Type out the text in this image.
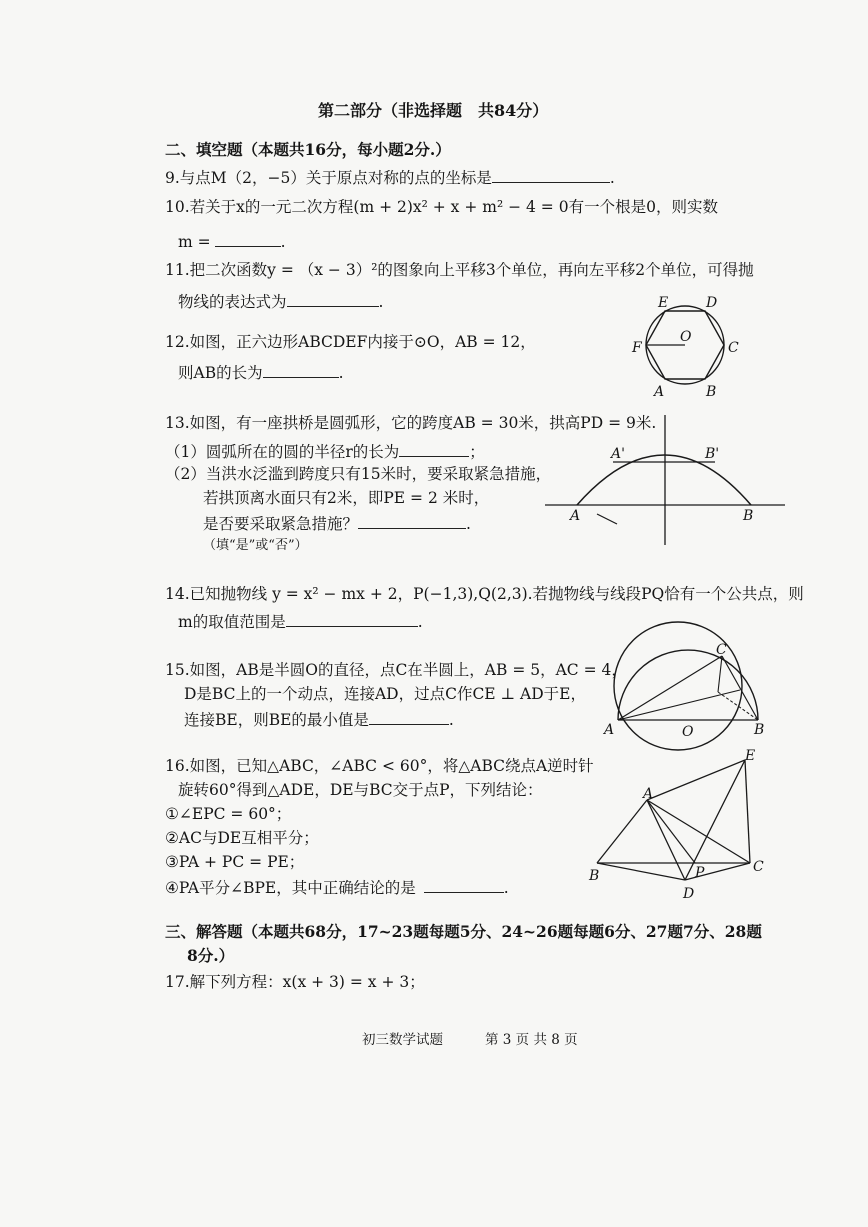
第二部分（非选择题　共84分）
二、填空题（本题共16分，每小题2分.）
9.与点M（2，−5）关于原点对称的点的坐标是	.
10.若关于x的一元二次方程(m + 2)x² + x + m² − 4 = 0有一个根是0，则实数
m =	.
11.把二次函数y = （x − 3）²的图象向上平移3个单位，再向左平移2个单位，可得抛
物线的表达式为	.
12.如图，正六边形ABCDEF内接于⊙O，AB = 12，
则AB的长为	.
E	D
F
O
C
A	B
13.如图，有一座拱桥是圆弧形，它的跨度AB = 30米，拱高PD = 9米.
（1）圆弧所在的圆的半径r的长为	；
（2）当洪水泛滥到跨度只有15米时，要采取紧急措施，
若拱顶离水面只有2米，即PE = 2 米时，
是否要采取紧急措施？	.
（填“是”或“否”）
A	B
A'	B'
14.已知抛物线 y = x² − mx + 2，P(−1,3),Q(2,3).若抛物线与线段PQ恰有一个公共点，则
m的取值范围是	.
15.如图，AB是半圆O的直径，点C在半圆上，AB = 5，AC = 4，
D是BC上的一个动点，连接AD，过点C作CE ⊥ AD于E，
连接BE，则BE的最小值是	.
A	B
C
O
16.如图，已知△ABC，∠ABC < 60°，将△ABC绕点A逆时针
旋转60°得到△ADE，DE与BC交于点P，下列结论：
①∠EPC = 60°；
②AC与DE互相平分；
③PA + PC = PE；
④PA平分∠BPE，其中正确结论的是	.
A
B
C
D
E
P
三、解答题（本题共68分，17~23题每题5分、24~26题每题6分、27题7分、28题
8分.）
17.解下列方程：x(x + 3) = x + 3；
初三数学试题	第 3 页 共 8 页
